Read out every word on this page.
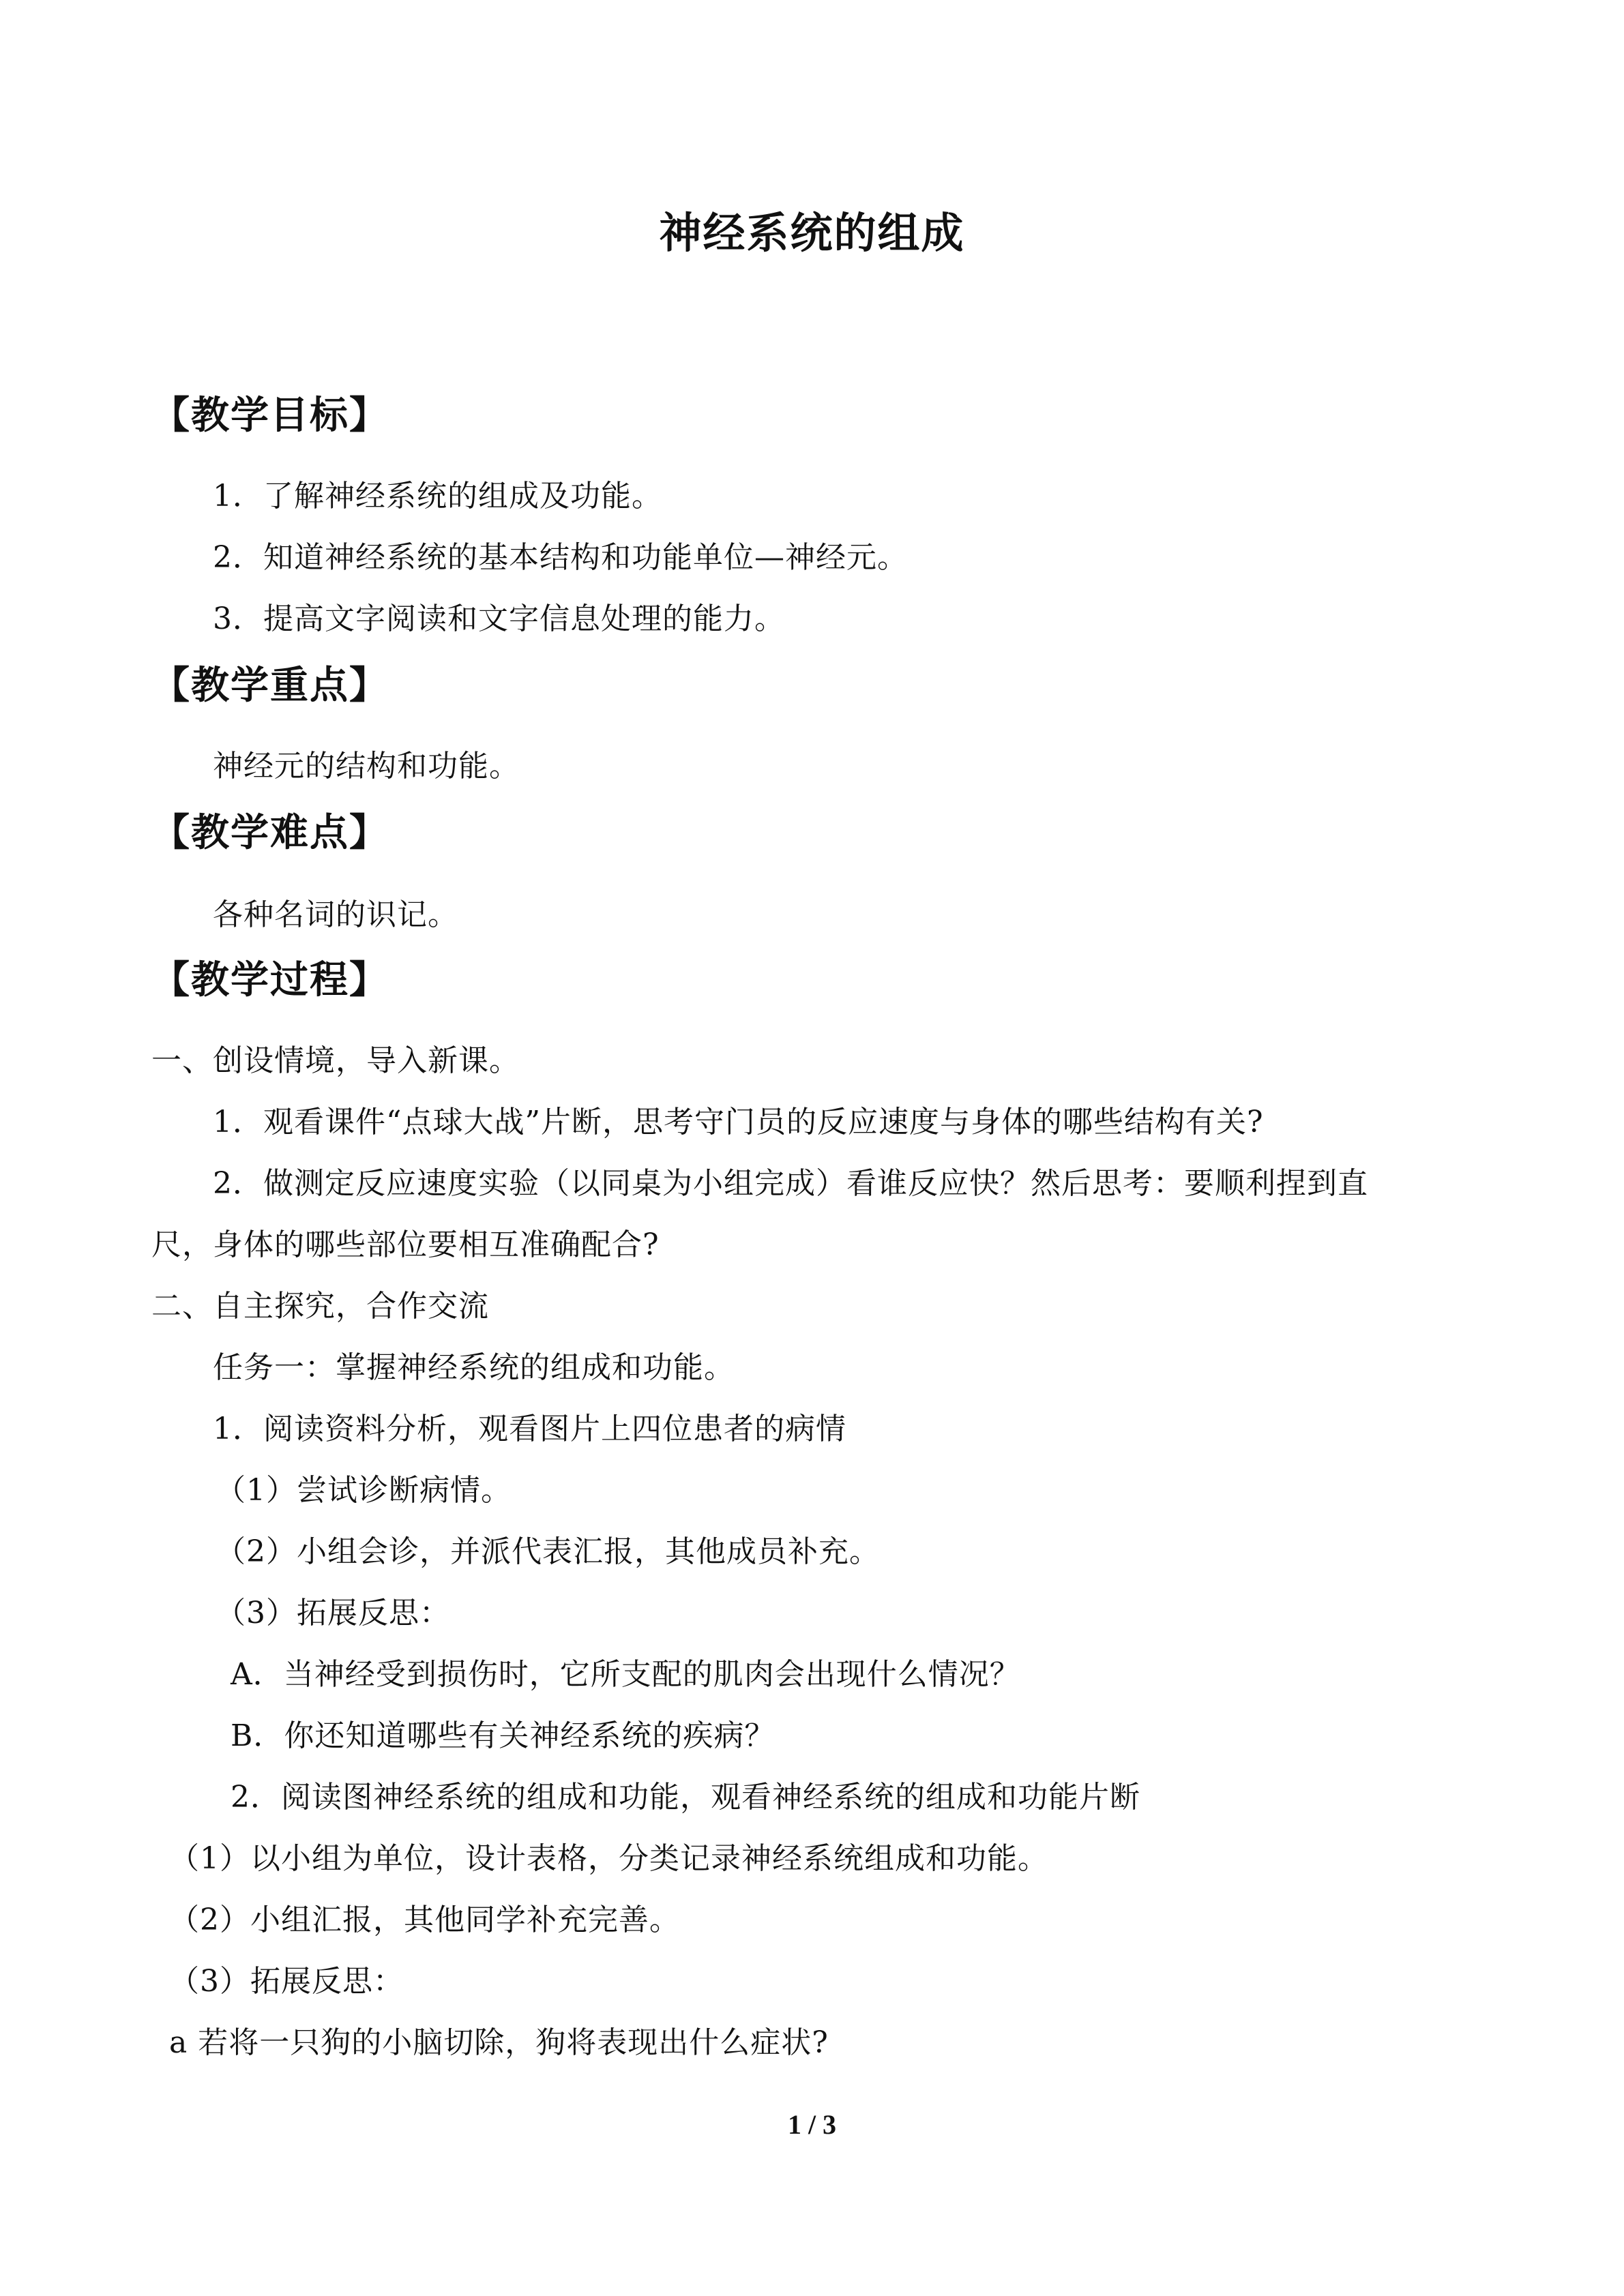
神经系统的组成
【教学目标】
1．了解神经系统的组成及功能。
2．知道神经系统的基本结构和功能单位—神经元。
3．提高文字阅读和文字信息处理的能力。
【教学重点】
神经元的结构和功能。
【教学难点】
各种名词的识记。
【教学过程】
一、创设情境，导入新课。
1．观看课件“点球大战”片断，思考守门员的反应速度与身体的哪些结构有关?
2．做测定反应速度实验（以同桌为小组完成）看谁反应快？然后思考：要顺利捏到直
尺，身体的哪些部位要相互准确配合?
二、自主探究，合作交流
任务一：掌握神经系统的组成和功能。
1．阅读资料分析，观看图片上四位患者的病情
（1）尝试诊断病情。
（2）小组会诊，并派代表汇报，其他成员补充。
（3）拓展反思：
A．当神经受到损伤时，它所支配的肌肉会出现什么情况？
B．你还知道哪些有关神经系统的疾病？
2．阅读图神经系统的组成和功能，观看神经系统的组成和功能片断
（1）以小组为单位，设计表格，分类记录神经系统组成和功能。
（2）小组汇报，其他同学补充完善。
（3）拓展反思：
a 若将一只狗的小脑切除，狗将表现出什么症状?
1 / 3
